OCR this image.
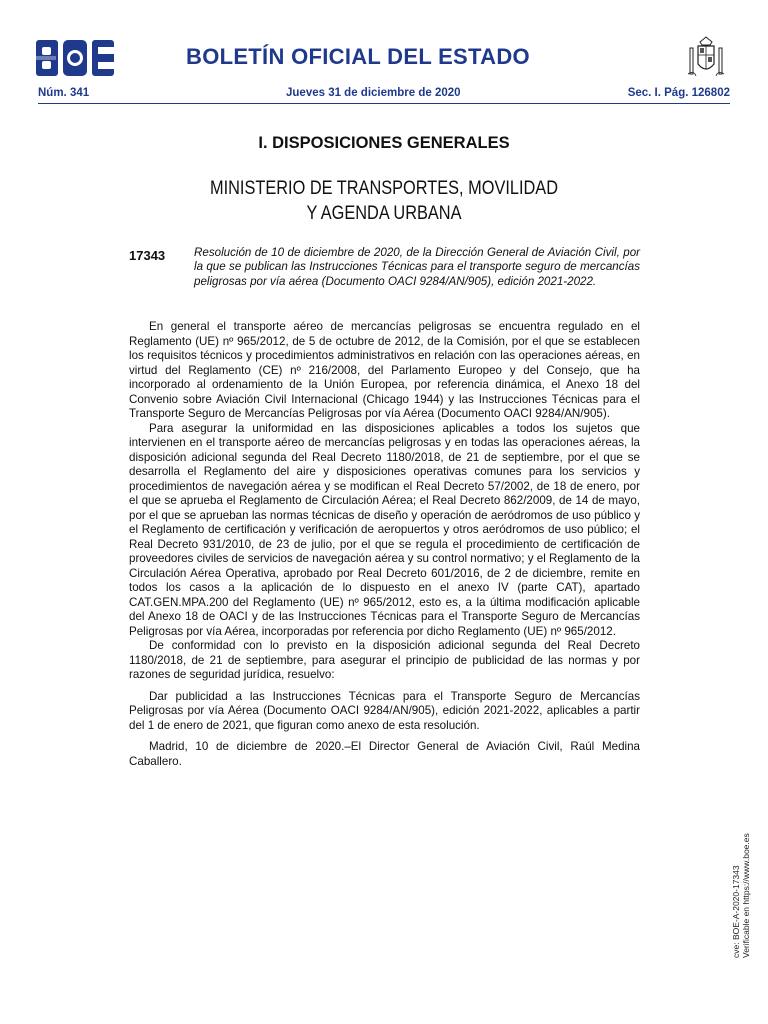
BOLETÍN OFICIAL DEL ESTADO
Núm. 341	Jueves 31 de diciembre de 2020	Sec. I. Pág. 126802
I. DISPOSICIONES GENERALES
MINISTERIO DE TRANSPORTES, MOVILIDAD
Y AGENDA URBANA
17343 Resolución de 10 de diciembre de 2020, de la Dirección General de Aviación Civil, por la que se publican las Instrucciones Técnicas para el transporte seguro de mercancías peligrosas por vía aérea (Documento OACI 9284/AN/905), edición 2021-2022.

En general el transporte aéreo de mercancías peligrosas se encuentra regulado en el Reglamento (UE) nº 965/2012, de 5 de octubre de 2012, de la Comisión, por el que se establecen los requisitos técnicos y procedimientos administrativos en relación con las operaciones aéreas, en virtud del Reglamento (CE) nº 216/2008, del Parlamento Europeo y del Consejo, que ha incorporado al ordenamiento de la Unión Europea, por referencia dinámica, el Anexo 18 del Convenio sobre Aviación Civil Internacional (Chicago 1944) y las Instrucciones Técnicas para el Transporte Seguro de Mercancías Peligrosas por vía Aérea (Documento OACI 9284/AN/905).

Para asegurar la uniformidad en las disposiciones aplicables a todos los sujetos que intervienen en el transporte aéreo de mercancías peligrosas y en todas las operaciones aéreas, la disposición adicional segunda del Real Decreto 1180/2018, de 21 de septiembre, por el que se desarrolla el Reglamento del aire y disposiciones operativas comunes para los servicios y procedimientos de navegación aérea y se modifican el Real Decreto 57/2002, de 18 de enero, por el que se aprueba el Reglamento de Circulación Aérea; el Real Decreto 862/2009, de 14 de mayo, por el que se aprueban las normas técnicas de diseño y operación de aeródromos de uso público y el Reglamento de certificación y verificación de aeropuertos y otros aeródromos de uso público; el Real Decreto 931/2010, de 23 de julio, por el que se regula el procedimiento de certificación de proveedores civiles de servicios de navegación aérea y su control normativo; y el Reglamento de la Circulación Aérea Operativa, aprobado por Real Decreto 601/2016, de 2 de diciembre, remite en todos los casos a la aplicación de lo dispuesto en el anexo IV (parte CAT), apartado CAT.GEN.MPA.200 del Reglamento (UE) nº 965/2012, esto es, a la última modificación aplicable del Anexo 18 de OACI y de las Instrucciones Técnicas para el Transporte Seguro de Mercancías Peligrosas por vía Aérea, incorporadas por referencia por dicho Reglamento (UE) nº 965/2012.

De conformidad con lo previsto en la disposición adicional segunda del Real Decreto 1180/2018, de 21 de septiembre, para asegurar el principio de publicidad de las normas y por razones de seguridad jurídica, resuelvo:

Dar publicidad a las Instrucciones Técnicas para el Transporte Seguro de Mercancías Peligrosas por vía Aérea (Documento OACI 9284/AN/905), edición 2021-2022, aplicables a partir del 1 de enero de 2021, que figuran como anexo de esta resolución.

Madrid, 10 de diciembre de 2020.–El Director General de Aviación Civil, Raúl Medina Caballero.

cve: BOE-A-2020-17343 Verificable en https://www.boe.es
